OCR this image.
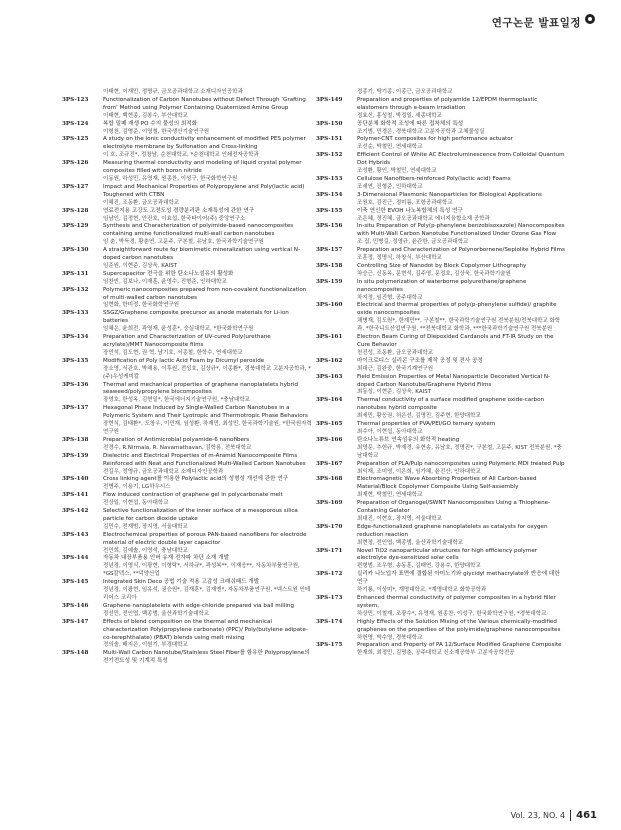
연구논문 발표일정
이태현, 이재민, 정명규, 금오공과대학교 소재디자인공학과
3PS-123	Functionalization of Carbon Nanotubes without Defect Through ‘Grafting from’ Method using Polymer Containing Quaternized Amine Group
이태현, 백현종, 김봉수, 부산대학교
3PS-124	복합 밀폐 재생 PO 수지 물성의 최적화
이형천, 김영준, 이영철, 한국생산기술연구원
3PS-125	A study on the ionic conductivity enhancement of modified PES polymer electrolyte membrane by Sulfonation and Cross-linking
이 호, 조규진*, 정창남, 순천대학교, *순천대학교 인쇄전자공학과
3PS-126	Measuring thermal conductivity and modeling of liquid crystal polymer composites filled with boron nitride
이동원, 하성민, 유영재, 원종찬, 이성구, 한국화학연구원
3PS-127	Impact and Mechanical Properties of Polypropylene and Poly(lactic acid) Toughened with CTBN
이혜진, 조동환, 금오공과대학교
3PS-128	연료전지용 고강도 고전도성 경량분리판 소재특성에 관한 연구
임남인, 김정현, 안진호, 이효섭, 한국타이어(주) 중앙연구소
3PS-129	Synthesis and Characterization of polyimide-based nanocomposites containing amine functionalized multi-wall carbon nanotubes
임 춘, 박득경, 황춘연, 고문주, 구본철, 유남호, 한국과학기술연구원
3PS-130	A straightforward route for biomimetic mineralization using vertical N-doped carbon nanotubes
임준원, 이현준, 김상욱, KAIST
3PS-131	Supercapacitor 전극을 위한 탄소나노섬유의 활성화
임찬빈, 김보나, 이재훈, 윤영수, 진형준, 인하대학교
3PS-132	Polymeric nanocomposites prepared from non-covalent functionalization of multi-walled carbon nanotubes
임현화, 한미정, 한국화학연구원
3PS-133	SSGZ/Graphene composite precursor as anode materials for Li-ion batteries
임혜은, 윤희전, 곽영재, 윤성훈*, 숭실대학교, *한국화학연구원
3PS-134	Preparation and Characterization of UV-cured Poly(urethane acrylate)/MMT Nanocomposite films
장민석, 김도현, 권 혁, 남기호, 서종철, 한학수, 연세대학교
3PS-135	Modification of Poly lactic Acid Foam by Dicumyl peroxide
장소영, 서관호, 박해용, 이후원, 전성호, 김상규*, 이종환*, 경북대학교 고분자공학과, *(주)우성케미칼
3PS-136	Thermal and mechanical properties of graphene nanoplatelets hybrid seaweed/polypropylene biocomposites
장영호, 한성옥, 김현일*, 한국에너지기술연구원, *충남대학교
3PS-137	Hexagonal Phase Induced by Single-Walled Carbon Nanotubes in a Polymeric System and Their Lyotropic and Thermotropic Phase Behaviors
장현식, 김태환*, 도창우, 이민재, 임성환, 하재민, 최성민, 한국과학기술원, *한국원자력연구원
3PS-138	Preparation of Antimicrobial polyamide-6 nanofibers
전경수, R.Nirmala, R. Navamathavan, 김학용, 전북대학교
3PS-139	Dielectric and Electrical Properties of m-Aramid Nanocomposite Films Reinforced with Neat and Functionalized Multi-Walled Carbon Nanotubes
전길우, 정영규, 금오공과대학교 소재디자인공학과
3PS-140	Cross linking agent를 이용한 Polylactic acid의 성형성 개선에 관한 연구
전병주, 이용기, LG하우시스
3PS-141	Flow induced contraction of graphene gel in polycarbonate melt
전상일, 이현섭, 동아대학교
3PS-142	Selective functionalization of the inner surface of a mesoporous silica particle for carbon dioxide uptake
김민수, 전재범, 장지영, 서울대학교
3PS-143	Electrochemical properties of porous PAN-based nanofibers for electrode material of electric double layer capacitor
전민희, 김예솔, 이영석, 충남대학교
3PS-144	자동차 내장부품용 인버 유재 전자파 차단 소재 개발
정년경, 이영식, 이광현, 이형탁*, 서하규*, 곽성복**, 이재응**, 자동차부품연구원, *GS칼텍스, **덕양산업
3PS-145	Integrated Skin Deco 공법 기술 적용 고감성 크래쉬패드 개발
정년경, 이광현, 임유석, 권승원*, 김재훈*, 김재엔*, 자동차부품연구원, *넥스트원 인테리어스 코리아
3PS-146	Graphene nanoplatelets with edge-chloride prepared via ball milling
정선민, 전인엽, 백종범, 울산과학기술대학교
3PS-147	Effects of blend composition on the thermal and mechanical characterization Poly(propylene carbonate) (PPC)/ Poly(butylene adipate-co-terephthalate) (PBAT) blends using melt mixing
정의솔, 배지은, 이원기, 부경대학교
3PS-148	Multi-Wall Carbon Nanotube/Stainless Steel Fiber를 함유한 Polypropylene의 전기전도성 및 기계적 특성
정종기, 박기종, 이종근, 금오공과대학교
3PS-149	Preparation and properties of polyamide 12/EPDM thermoplastic elastomers through e-beam irradiation
정효신, 홍성철, 박정일, 세종대학교
3PS-150	공단분체 화학적 조성에 따른 접착체의 특성
조기범, 민경은, 경북대학교 고분자공학과 고체물성실
3PS-151	Polymer-CNT composites for high performance actuator
조선순, 박철민, 연세대학교
3PS-152	Efficient Control of White AC Electroluminescence from Colloidal Quantum Dot Hybrids
조성환, 황인, 박철민, 연세대학교
3PS-153	Cellulose Nanofibers-reinforced Poly(lactic acid) Foams
조세연, 진형준, 인하대학교
3PS-154	3-Dimensional Plasmonic Nanoparticles for Biological Applications
조원호, 김진근, 정미름, 포항공과대학교
3PS-155	이축 연신한 EVOH 나노복합체의 특성 연구
조은혜, 정진혜, 금오공과대학교 에너지융합소재 공학과
3PS-156	In-situ Preparation of Poly(p-phenylene benzobisoxazole) Nanocomposites with Multi-Wall Carbon Nanotube Functionalized Under Ozone Gas Flow
조 집, 민병길, 정영규, 윤관한, 금오공과대학교
3PS-157	Preparation and Characterization of Polynorbornene/Sepiolite Hybrid Films
조훈정, 정명식, 하창식, 부산대학교
3PS-158	Controlling Size of Nanodot by Block Copolymer Lithography
차승근, 신동옥, 문현석, 김주영, 문정호, 김상욱, 한국과학기술원
3PS-159	In situ polymerization of waterborne polyurethane/graphene nanocomposites
차지정, 임진형, 공주대학교
3PS-160	Electrical and thermal properties of poly(p-phenylene sulfide)/ graphite oxide nanocomposites
채병재, 김도원*, 한재민**, 구본철**, 한국과학기술연구원 전북분원/전북대학교 화학과, *한국니트산업연구원, **전북대학교 화학과, ***한국과학기술연구원 전북분원
3PS-161	Electron Beam Curing of Diepoxided Cardanols and FT-IR Study on the Cure Behavior
천진성, 조동환, 금오공과대학교
3PS-162	마이크로디스 실리콘 구조를 제작 공정 및 전사 공정
최대근, 김완중, 한국기계연구원
3PS-163	Field Emission Properties of Metal Nanoparticle Decorated Vertical N-doped Carbon Nanotube/Graphene Hybrid Films
최동성, 이현준, 김상욱, KAIST
3PS-164	Thermal conductivity of a surface modified graphene oxide-carbon nanotubes hybrid composite
최세민, 황응권, 허은선, 김명진, 김주현, 한양대학교
3PS-165	Thermal properties of PVA/PEI/GO ternary system
최수아, 이현섭, 동아대학교
3PS-166	탄소나노튜브 연속섬유의 화학적 heating
최영문, 추헌규, 박재경, 유현송, 유남호, 정명진*, 구본철, 고문주, KIST 전북분원, *충남대학교
3PS-167	Preparation of PLA/Pulp nanocomposites using Polymeric MDI treated Pulp
최익재, 조미영, 이은희, 임가혜, 윤진산, 인하대학교
3PS-168	Electromagnetic Wave Absorbing Properties of All Carbon-based Material/Block Copolymer Composite Using Self-assembly
최재현, 박철민, 연세대학교
3PS-169	Preparation of Organogel/SWNT Nanocomposites Using a Thiophene-Containing Gelator
최대진, 이현호, 장지영, 서울대학교
3PS-170	Edge-functionalized graphene nanoplatelets as catalysts for oxygen reduction reaction
최현정, 전인엽, 백종범, 울산과학기술대학교
3PS-171	Novel TiO2 nanoparticular structures for high efficiency polymer electrolyte dye-sensitized solar cells
편형범, 조우형, 송동훈, 김태연, 강용수, 한양대학교
3PS-172	실리카 나노입자 표면에 결합된 아미노기와 glycidyl methacrylate와 반응에 대한 연구
하기룡, 이상미*, 계명대학교, *계명대학교 화학공학과
3PS-173	Enhanced thermal conductivity of polymer composites in a hybrid filler system,
하상민, 이철재, 조광수*, 유영재, 원종찬, 이성구, 한국화학연구원, *경북대학교
3PS-174	Highly Effects of the Solution Mixing of the Various chemically-modified graphenes on the properties of the polyimide/graphene nanocomposites
하헌영, 박수영, 경북대학교
3PS-175	Preparation and Property of PA 12/Surface Modified Graphene Composite
한재희, 최정민, 김명춘, 공주대학교 신소재공학부 고분자공학전공
Vol. 23, NO. 4	461
